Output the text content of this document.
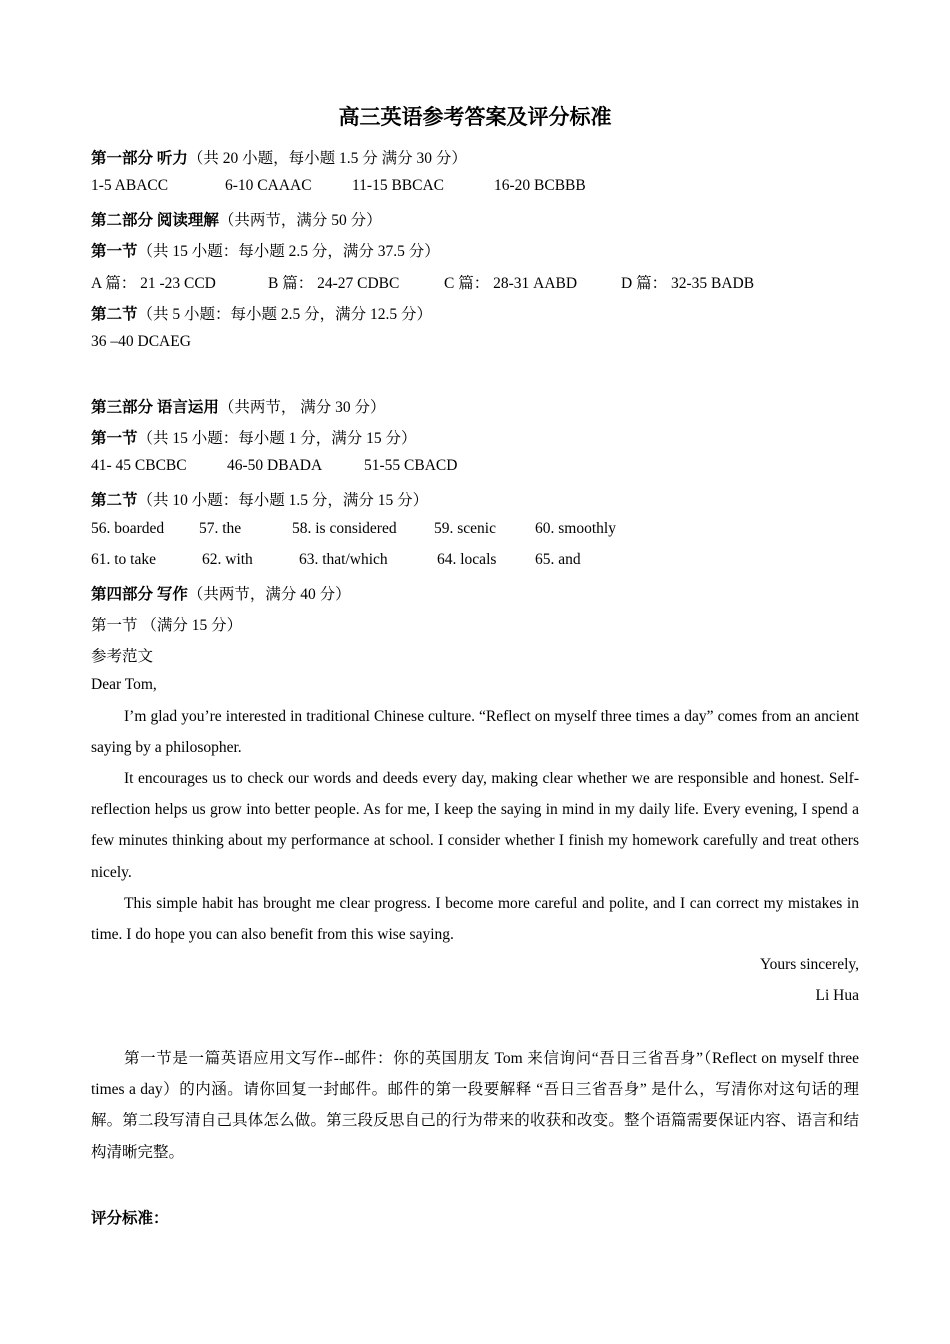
高三英语参考答案及评分标准
第一部分 听力（共 20 小题，每小题 1.5 分 满分 30 分）
1-5 ABACC	6-10 CAAAC	11-15 BBCAC	16-20 BCBBB
第二部分 阅读理解（共两节，满分 50 分）
第一节（共 15 小题：每小题 2.5 分，满分 37.5 分）
A 篇： 21 -23 CCD	B 篇： 24-27 CDBC	C 篇： 28-31 AABD	D 篇： 32-35 BADB
第二节（共 5 小题：每小题 2.5 分，满分 12.5 分）
36 –40 DCAEG
第三部分 语言运用（共两节， 满分 30 分）
第一节（共 15 小题：每小题 1 分，满分 15 分）
41- 45 CBCBC	46-50 DBADA	51-55 CBACD
第二节（共 10 小题：每小题 1.5 分，满分 15 分）
56. boarded 57. the	58. is considered 59. scenic	60. smoothly
61. to take	62. with	63. that/which	64. locals 65. and
第四部分 写作（共两节，满分 40 分）
第一节 （满分 15 分）
参考范文
Dear Tom,
I’m glad you’re interested in traditional Chinese culture. “Reflect on myself three times a day” comes from an ancient saying by a philosopher.
It encourages us to check our words and deeds every day, making clear whether we are responsible and honest. Self-reflection helps us grow into better people. As for me, I keep the saying in mind in my daily life. Every evening, I spend a few minutes thinking about my performance at school. I consider whether I finish my homework carefully and treat others nicely.
This simple habit has brought me clear progress. I become more careful and polite, and I can correct my mistakes in time. I do hope you can also benefit from this wise saying.
Yours sincerely,
Li Hua
第一节是一篇英语应用文写作--邮件：你的英国朋友 Tom 来信询问“吾日三省吾身”（Reflect on myself three times a day）的内涵。请你回复一封邮件。邮件的第一段要解释 “吾日三省吾身” 是什么，写清你对这句话的理解。第二段写清自己具体怎么做。第三段反思自己的行为带来的收获和改变。整个语篇需要保证内容、语言和结构清晰完整。
评分标准：
